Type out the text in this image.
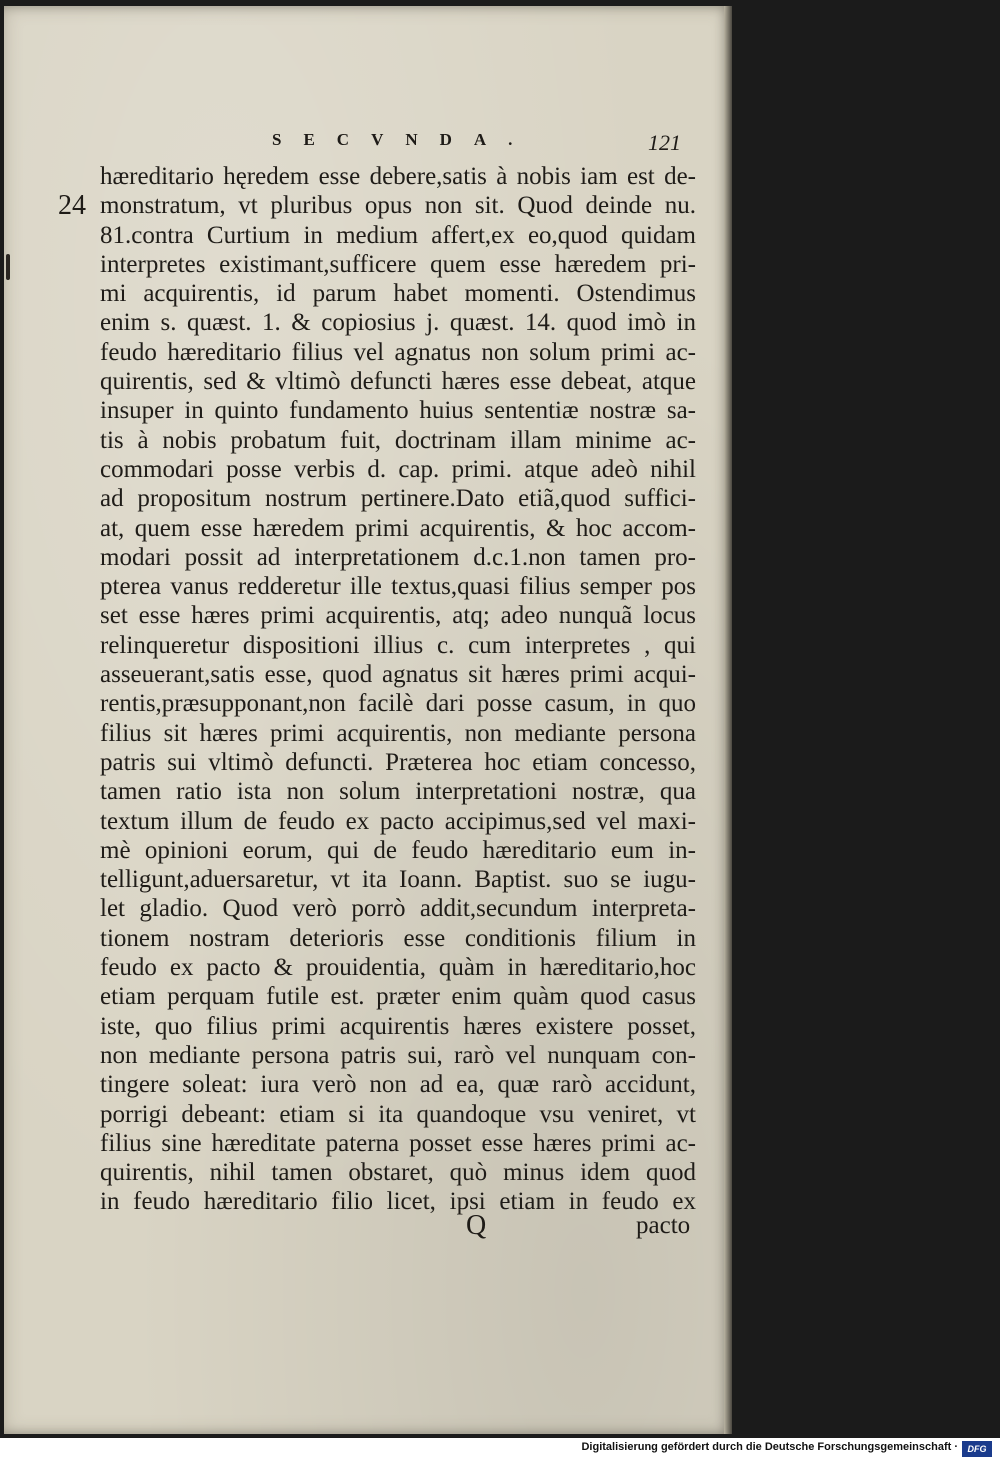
SECVNDA.	121
24
hæreditario hęredem esse debere,satis à nobis iam est de-
monstratum, vt pluribus opus non sit. Quod deinde nu.
81.contra Curtium in medium affert,ex eo,quod quidam
interpretes existimant,sufficere quem esse hæredem pri-
mi acquirentis, id parum habet momenti. Ostendimus
enim s. quæst. 1. & copiosius j. quæst. 14. quod imò in
feudo hæreditario filius vel agnatus non solum primi ac-
quirentis, sed & vltimò defuncti hæres esse debeat, atque
insuper in quinto fundamento huius sententiæ nostræ sa-
tis à nobis probatum fuit, doctrinam illam minime ac-
commodari posse verbis d. cap. primi. atque adeò nihil
ad propositum nostrum pertinere.Dato etiã,quod suffici-
at, quem esse hæredem primi acquirentis, & hoc accom-
modari possit ad interpretationem d.c.1.non tamen pro-
pterea vanus redderetur ille textus,quasi filius semper pos
set esse hæres primi acquirentis, atq; adeo nunquã locus
relinqueretur dispositioni illius c. cum interpretes , qui
asseuerant,satis esse, quod agnatus sit hæres primi acqui-
rentis,præsupponant,non facilè dari posse casum, in quo
filius sit hæres primi acquirentis, non mediante persona
patris sui vltimò defuncti. Præterea hoc etiam concesso,
tamen ratio ista non solum interpretationi nostræ, qua
textum illum de feudo ex pacto accipimus,sed vel maxi-
mè opinioni eorum, qui de feudo hæreditario eum in-
telligunt,aduersaretur, vt ita Ioann. Baptist. suo se iugu-
let gladio. Quod verò porrò addit,secundum interpreta-
tionem nostram deterioris esse conditionis filium in
feudo ex pacto & prouidentia, quàm in hæreditario,hoc
etiam perquam futile est. præter enim quàm quod casus
iste, quo filius primi acquirentis hæres existere posset,
non mediante persona patris sui, rarò vel nunquam con-
tingere soleat: iura verò non ad ea, quæ rarò accidunt,
porrigi debeant: etiam si ita quandoque vsu veniret, vt
filius sine hæreditate paterna posset esse hæres primi ac-
quirentis, nihil tamen obstaret, quò minus idem quod
in feudo hæreditario filio licet, ipsi etiam in feudo ex
Q	pacto
Digitalisierung gefördert durch die Deutsche Forschungsgemeinschaft ·	DFG
